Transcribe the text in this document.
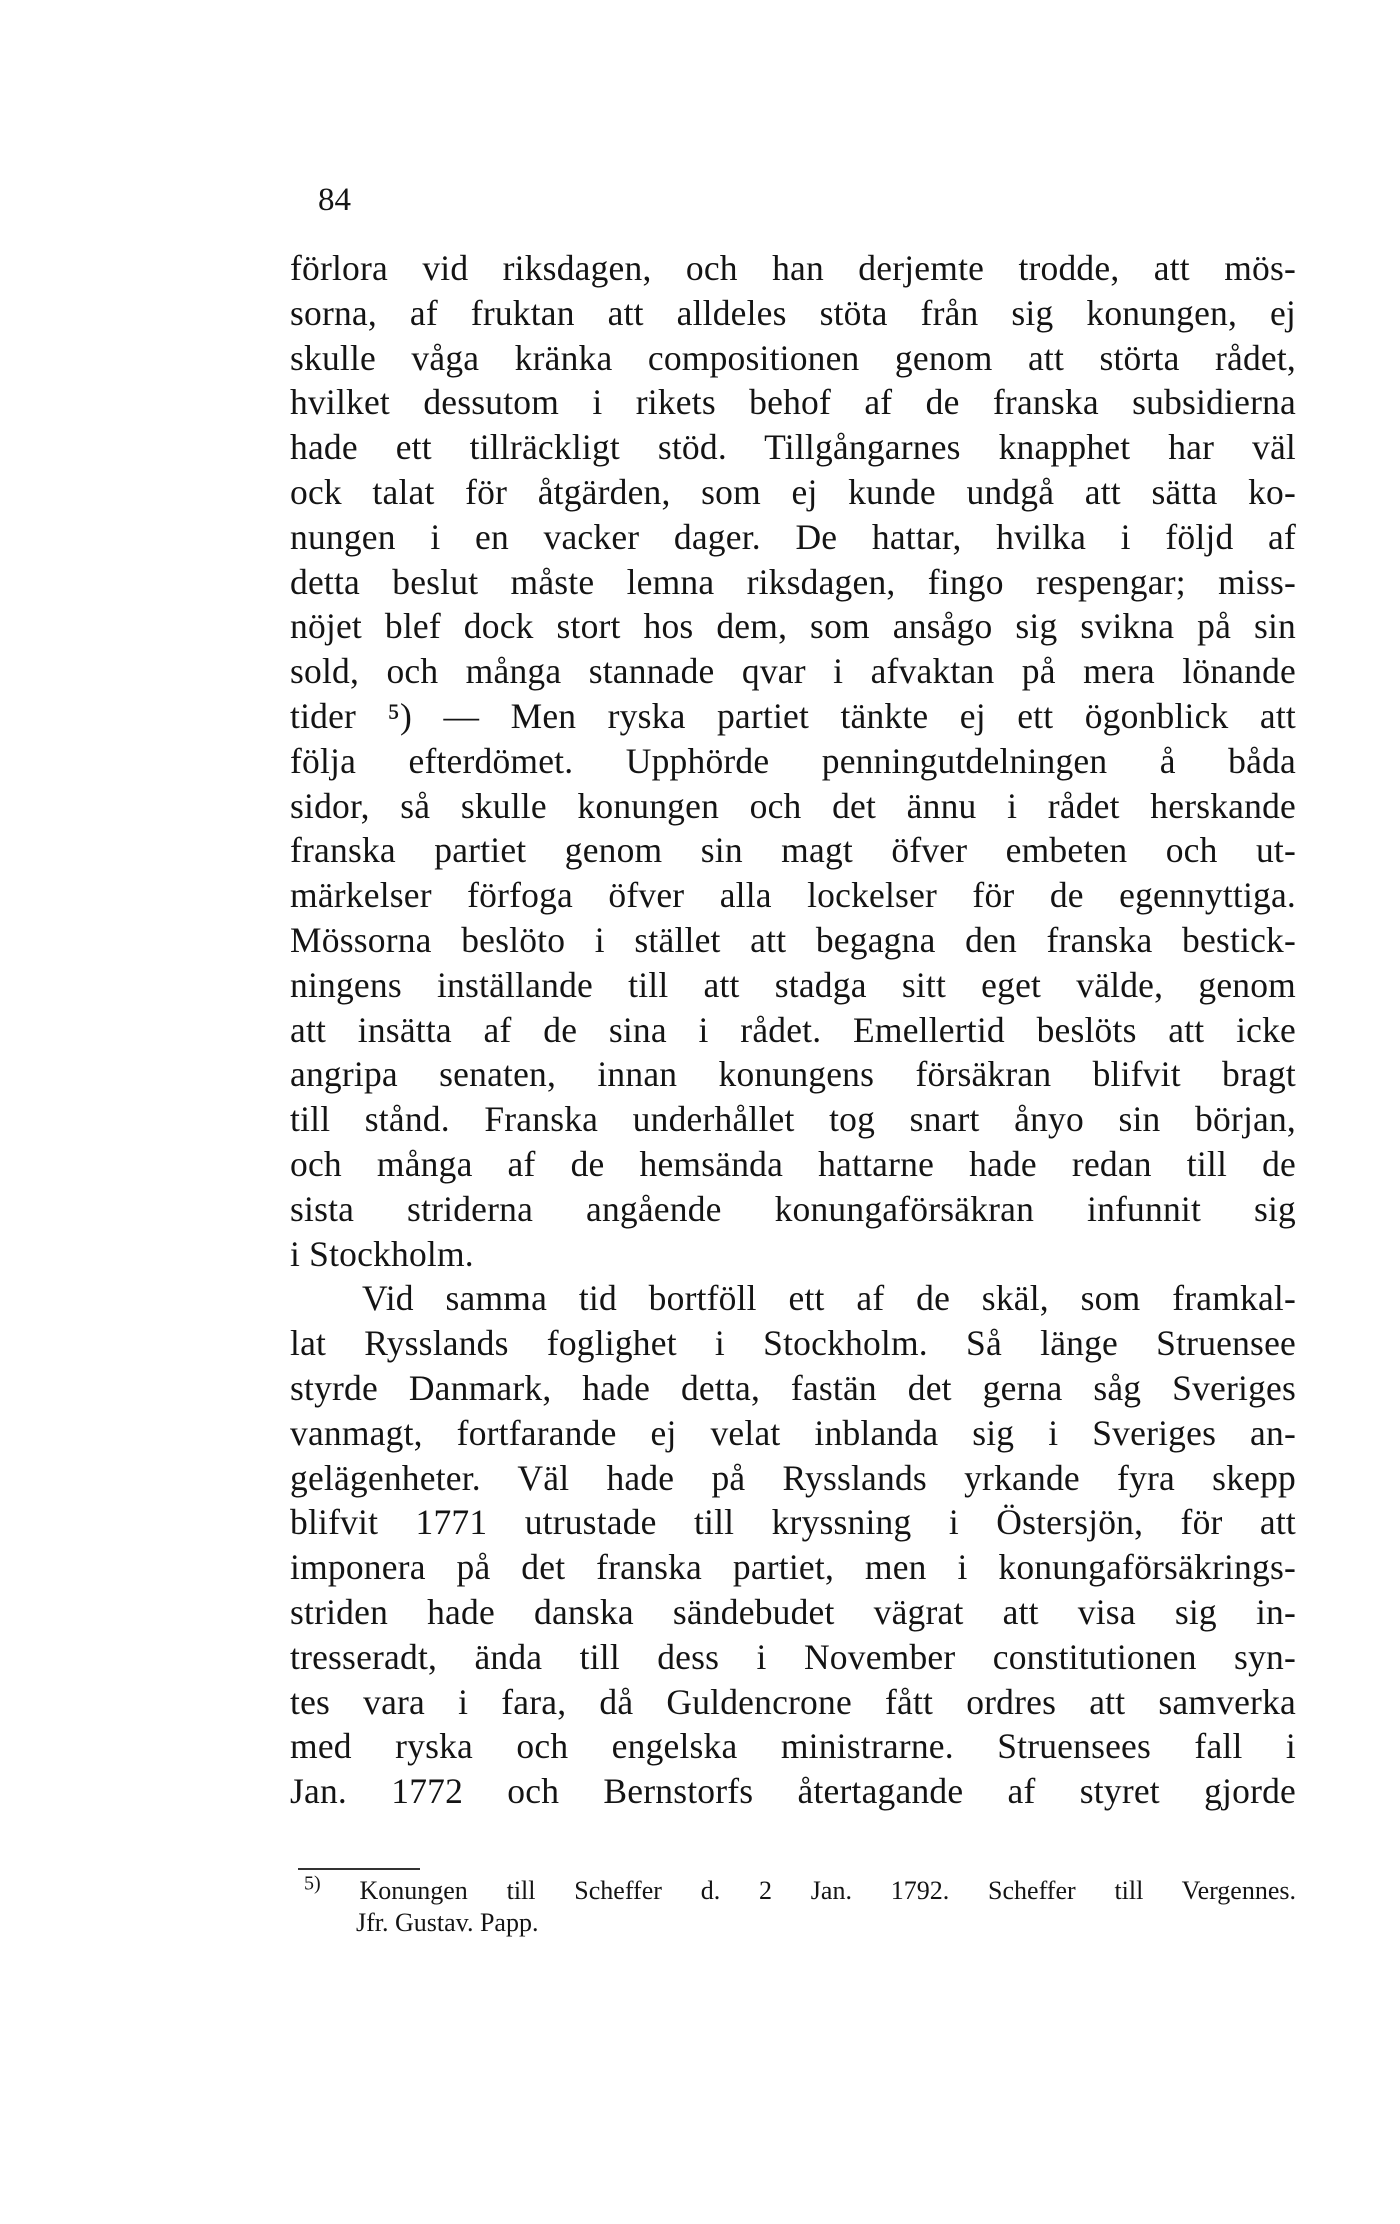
84
förlora vid riksdagen, och han derjemte trodde, att mös-
sorna, af fruktan att alldeles stöta från sig konungen, ej
skulle våga kränka compositionen genom att störta rådet,
hvilket dessutom i rikets behof af de franska subsidierna
hade ett tillräckligt stöd. Tillgångarnes knapphet har väl
ock talat för åtgärden, som ej kunde undgå att sätta ko-
nungen i en vacker dager. De hattar, hvilka i följd af
detta beslut måste lemna riksdagen, fingo respengar; miss-
nöjet blef dock stort hos dem, som ansågo sig svikna på sin
sold, och många stannade qvar i afvaktan på mera lönande
tider ⁵) — Men ryska partiet tänkte ej ett ögonblick att
följa efterdömet. Upphörde penningutdelningen å båda
sidor, så skulle konungen och det ännu i rådet herskande
franska partiet genom sin magt öfver embeten och ut-
märkelser förfoga öfver alla lockelser för de egennyttiga.
Mössorna beslöto i stället att begagna den franska bestick-
ningens inställande till att stadga sitt eget välde, genom
att insätta af de sina i rådet. Emellertid beslöts att icke
angripa senaten, innan konungens försäkran blifvit bragt
till stånd. Franska underhållet tog snart ånyo sin början,
och många af de hemsända hattarne hade redan till de
sista striderna angående konungaförsäkran infunnit sig
i Stockholm.
Vid samma tid bortföll ett af de skäl, som framkal-
lat Rysslands foglighet i Stockholm. Så länge Struensee
styrde Danmark, hade detta, fastän det gerna såg Sveriges
vanmagt, fortfarande ej velat inblanda sig i Sveriges an-
gelägenheter. Väl hade på Rysslands yrkande fyra skepp
blifvit 1771 utrustade till kryssning i Östersjön, för att
imponera på det franska partiet, men i konungaförsäkrings-
striden hade danska sändebudet vägrat att visa sig in-
tresseradt, ända till dess i November constitutionen syn-
tes vara i fara, då Guldencrone fått ordres att samverka
med ryska och engelska ministrarne. Struensees fall i
Jan. 1772 och Bernstorfs återtagande af styret gjorde
$^{5)}$ Konungen till Scheffer d. 2 Jan. 1792. Scheffer till Vergennes.
Jfr. Gustav. Papp.
